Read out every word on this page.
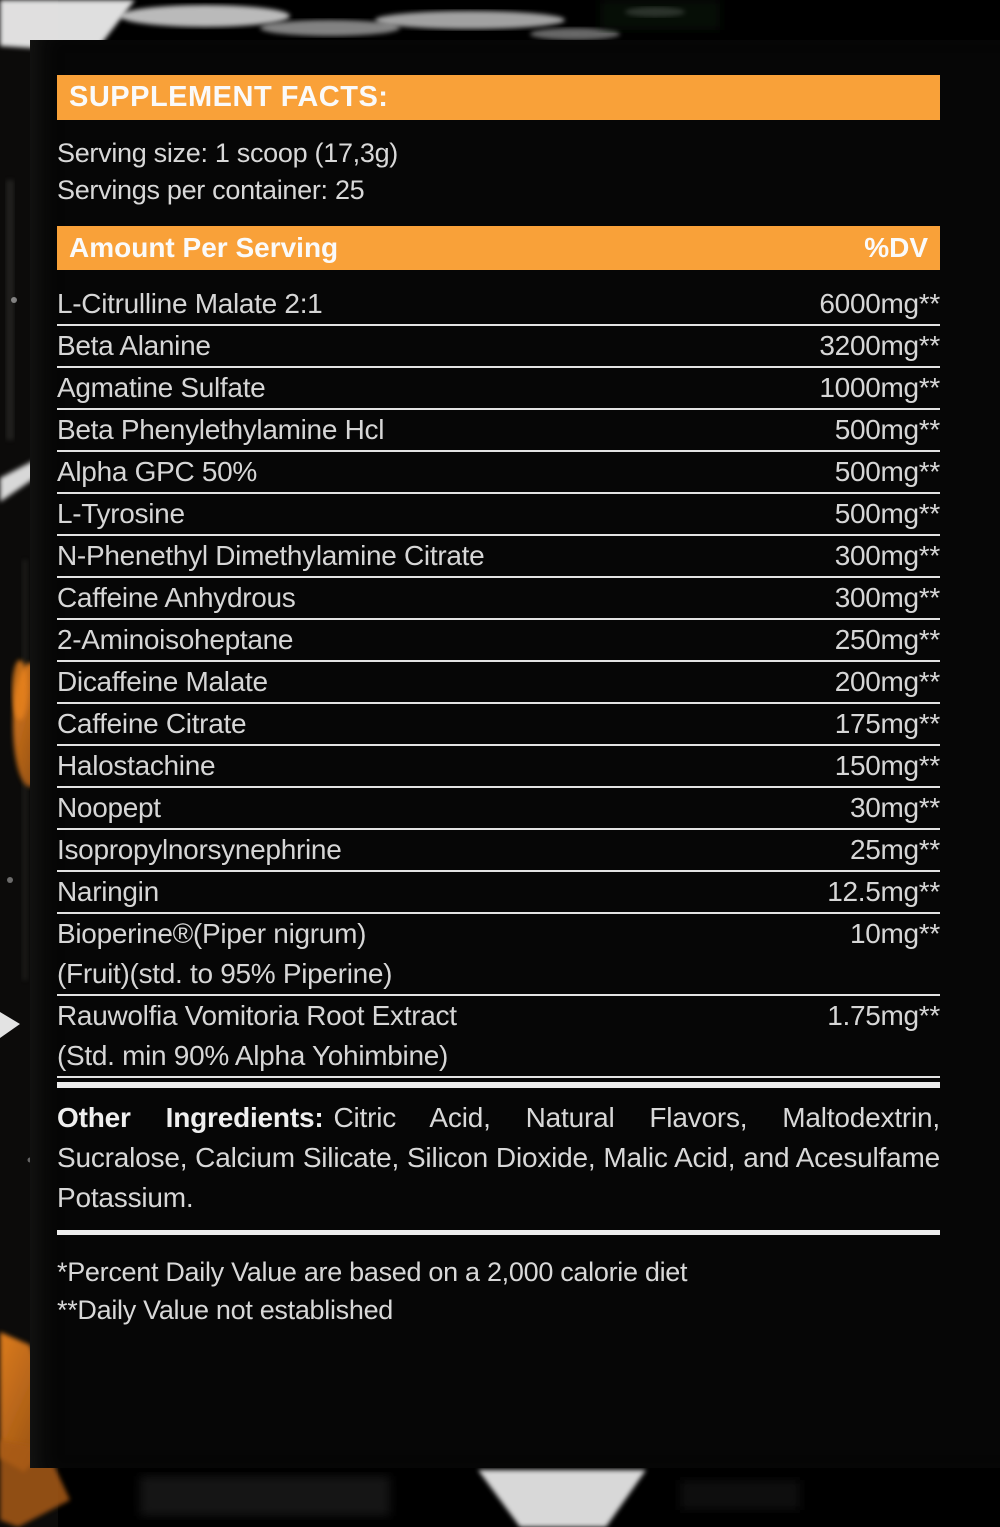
SUPPLEMENT FACTS:
Serving size: 1 scoop (17,3g)
Servings per container: 25
Amount Per Serving	%DV
L-Citrulline Malate 2:1	6000mg**
Beta Alanine	3200mg**
Agmatine Sulfate	1000mg**
Beta Phenylethylamine Hcl	500mg**
Alpha GPC 50%	500mg**
L-Tyrosine	500mg**
N-Phenethyl Dimethylamine Citrate	300mg**
Caffeine Anhydrous	300mg**
2-Aminoisoheptane	250mg**
Dicaffeine Malate	200mg**
Caffeine Citrate	175mg**
Halostachine	150mg**
Noopept	30mg**
Isopropylnorsynephrine	25mg**
Naringin	12.5mg**
Bioperine®(Piper nigrum)	10mg**
(Fruit)(std. to 95% Piperine)
Rauwolfia Vomitoria Root Extract	1.75mg**
(Std. min 90% Alpha Yohimbine)

Other Ingredients: Citric Acid, Natural Flavors, Maltodextrin, Sucralose, Calcium Silicate, Silicon Dioxide, Malic Acid, and Acesulfame Potassium.

*Percent Daily Value are based on a 2,000 calorie diet
**Daily Value not established
